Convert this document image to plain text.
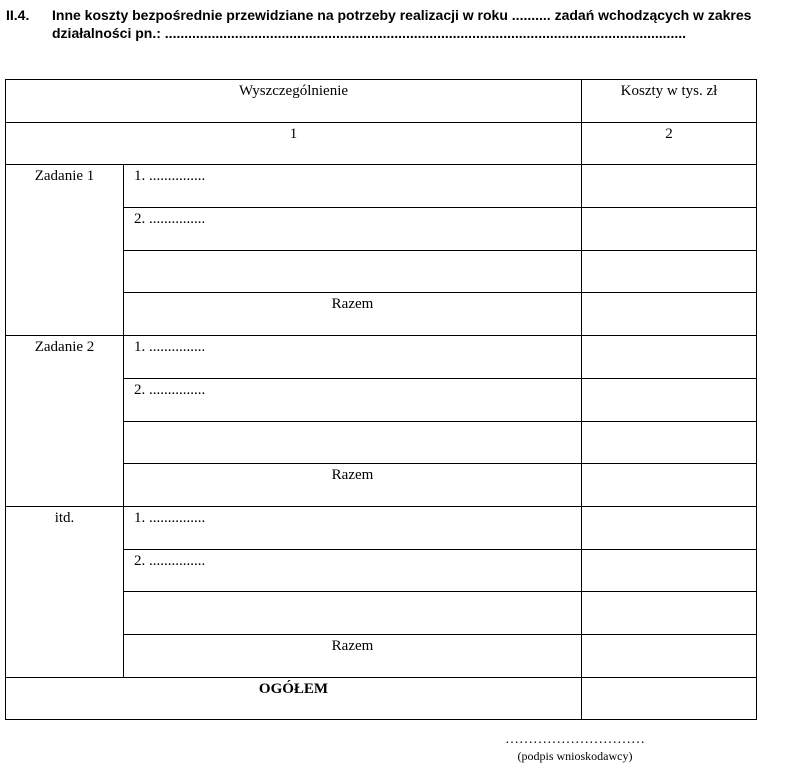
II.4. Inne koszty bezpośrednie przewidziane na potrzeby realizacji w roku .......... zadań wchodzących w zakres
działalności pn.: ......................................................................................................................................
Wyszczególnienie		Koszty w tys. zł
1		2
Zadanie 1	1. ...............	
	2. ...............	

	Razem	
Zadanie 2	1. ...............	
	2. ...............	

	Razem	
itd.	1. ...............	
	2. ...............	

	Razem	
OGÓŁEM		
…………………………
(podpis wnioskodawcy)
